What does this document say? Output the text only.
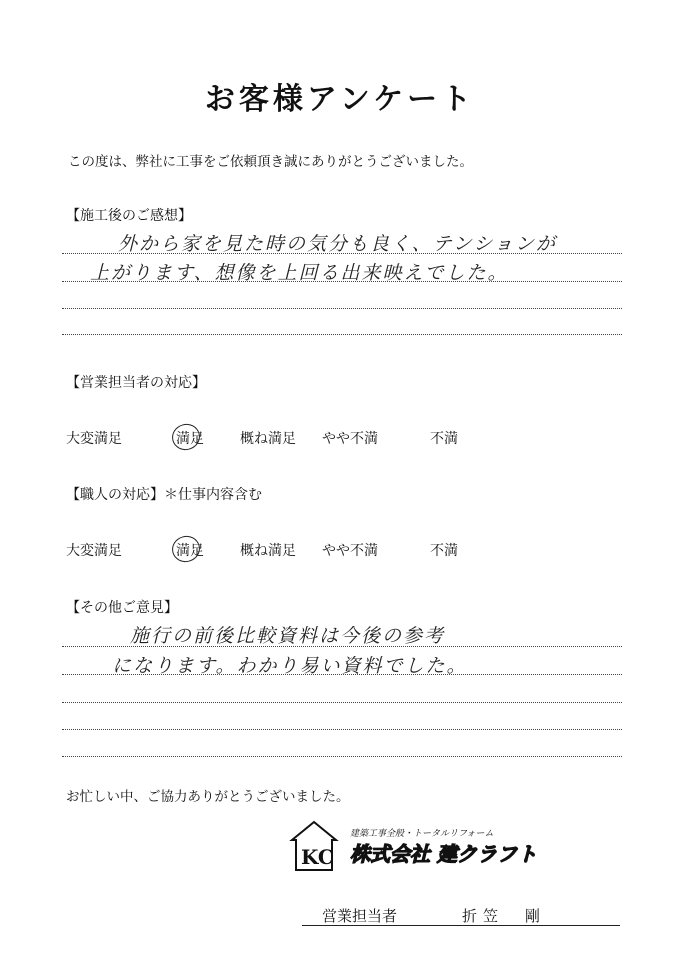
お客様アンケート
この度は、弊社に工事をご依頼頂き誠にありがとうございました。
【施工後のご感想】
外から家を見た時の気分も良く、テンションが
上がります、想像を上回る出来映えでした。
【営業担当者の対応】
大変満足	満足	概ね満足 やや不満	不満
【職人の対応】＊仕事内容含む
大変満足	満足	概ね満足 やや不満	不満
【その他ご意見】
施行の前後比較資料は今後の参考
になります。わかり易い資料でした。
お忙しい中、ご協力ありがとうございました。
KC
建築工事全般・トータルリフォーム
株式会社 建クラフト
営業担当者	折笠　剛
